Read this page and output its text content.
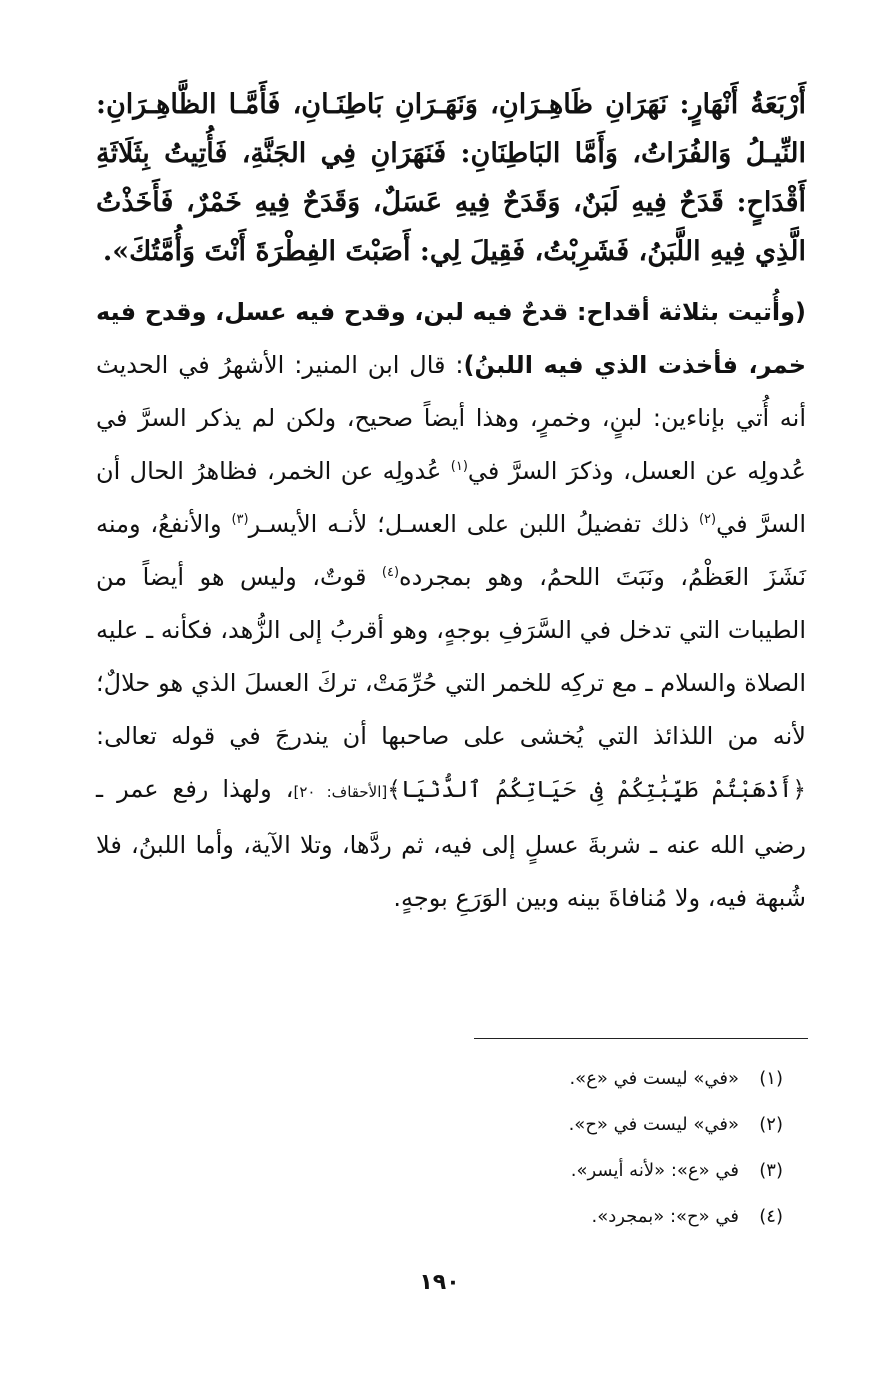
أَرْبَعَةُ أَنْهَارٍ: نَهَرَانِ ظَاهِـرَانِ، وَنَهَـرَانِ بَاطِنَـانِ، فَأَمَّـا الظَّاهِـرَانِ: النِّيـلُ وَالفُرَاتُ، وَأَمَّا البَاطِنَانِ: فَنَهَرَانِ فِي الجَنَّةِ، فَأُتِيتُ بِثَلَاثَةِ أَقْدَاحٍ: قَدَحٌ فِيهِ لَبَنٌ، وَقَدَحٌ فِيهِ عَسَلٌ، وَقَدَحٌ فِيهِ خَمْرٌ، فَأَخَذْتُ الَّذِي فِيهِ اللَّبَنُ، فَشَرِبْتُ، فَقِيلَ لِي: أَصَبْتَ الفِطْرَةَ أَنْتَ وَأُمَّتُكَ».

(وأُتيت بثلاثة أقداح: قدحٌ فيه لبن، وقدح فيه عسل، وقدح فيه خمر، فأخذت الذي فيه اللبنُ): قال ابن المنير: الأشهرُ في الحديث أنه أُتي بإناءين: لبنٍ، وخمرٍ، وهذا أيضاً صحيح، ولكن لم يذكر السرَّ في عُدولِه عن العسل، وذكرَ السرَّ في$^{(١)}$ عُدولِه عن الخمر، فظاهرُ الحال أن السرَّ في$^{(٢)}$ ذلك تفضيلُ اللبن على العسـل؛ لأنـه الأيسـر$^{(٣)}$ والأنفعُ، ومنه نَشَزَ العَظْمُ، ونَبَتَ اللحمُ، وهو بمجرده$^{(٤)}$ قوتٌ، وليس هو أيضاً من الطيبات التي تدخل في السَّرَفِ بوجهٍ، وهو أقربُ إلى الزُّهد، فكأنه ـ عليه الصلاة والسلام ـ مع تركِه للخمر التي حُرِّمَتْ، تركَ العسلَ الذي هو حلالٌ؛ لأنه من اللذائذ التي يُخشى على صاحبها أن يندرجَ في قوله تعالى: ﴿أَذْهَبْتُمْ طَيِّبَٰتِكُمْ فِى حَيَاتِكُمُ ٱلدُّنْيَا﴾[الأحقاف: ٢٠]، ولهذا رفع عمر ـ رضي الله عنه ـ شربةَ عسلٍ إلى فيه، ثم ردَّها، وتلا الآية، وأما اللبنُ، فلا شُبهة فيه، ولا مُنافاةَ بينه وبين الوَرَعِ بوجهٍ.

(١)«في» ليست في «ع».
(٢)«في» ليست في «ح».
(٣)في «ع»: «لأنه أيسر».
(٤)في «ح»: «بمجرد».
١٩٠
